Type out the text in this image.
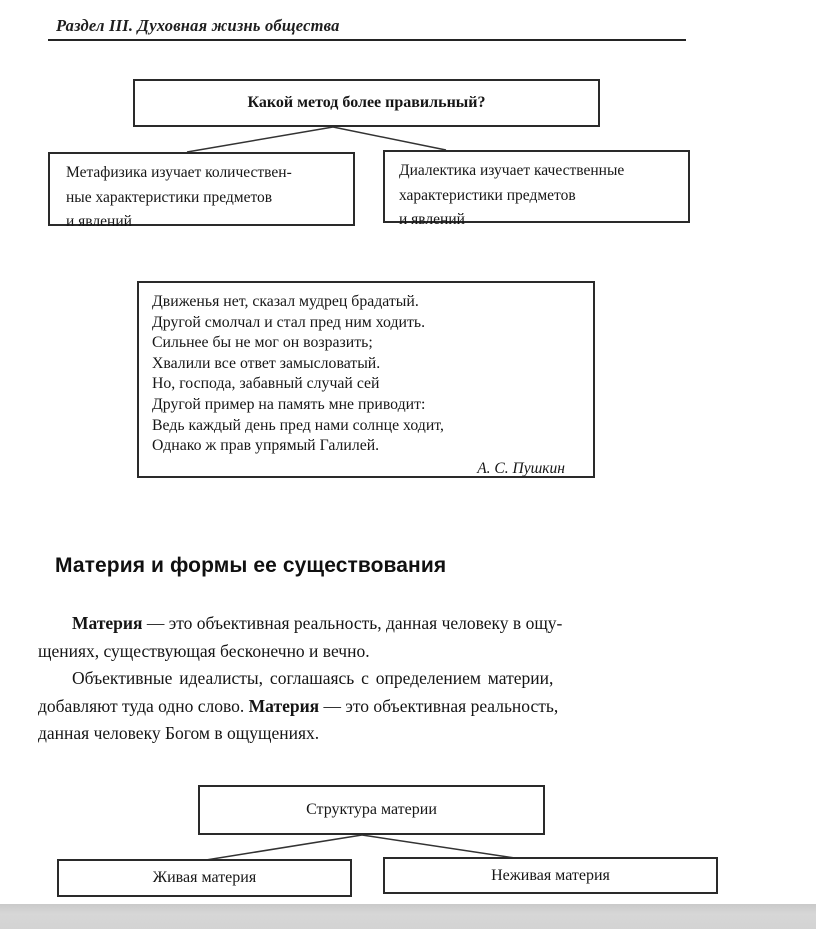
Раздел III. Духовная жизнь общества
Какой метод более правильный?
Метафизика изучает количествен-
ные характеристики предметов
и явлений
Диалектика изучает качественные
характеристики предметов
и явлений
Движенья нет, сказал мудрец брадатый.
Другой смолчал и стал пред ним ходить.
Сильнее бы не мог он возразить;
Хвалили все ответ замысловатый.
Но, господа, забавный случай сей
Другой пример на память мне приводит:
Ведь каждый день пред нами солнце ходит,
Однако ж прав упрямый Галилей.
А. С. Пушкин
Материя и формы ее существования
Материя — это объективная реальность, данная человеку в ощу-
щениях, существующая бесконечно и вечно.
Объективные идеалисты, соглашаясь с определением материи,
добавляют туда одно слово. Материя — это объективная реальность,
данная человеку Богом в ощущениях.
Структура материи
Живая материя	Неживая материя
